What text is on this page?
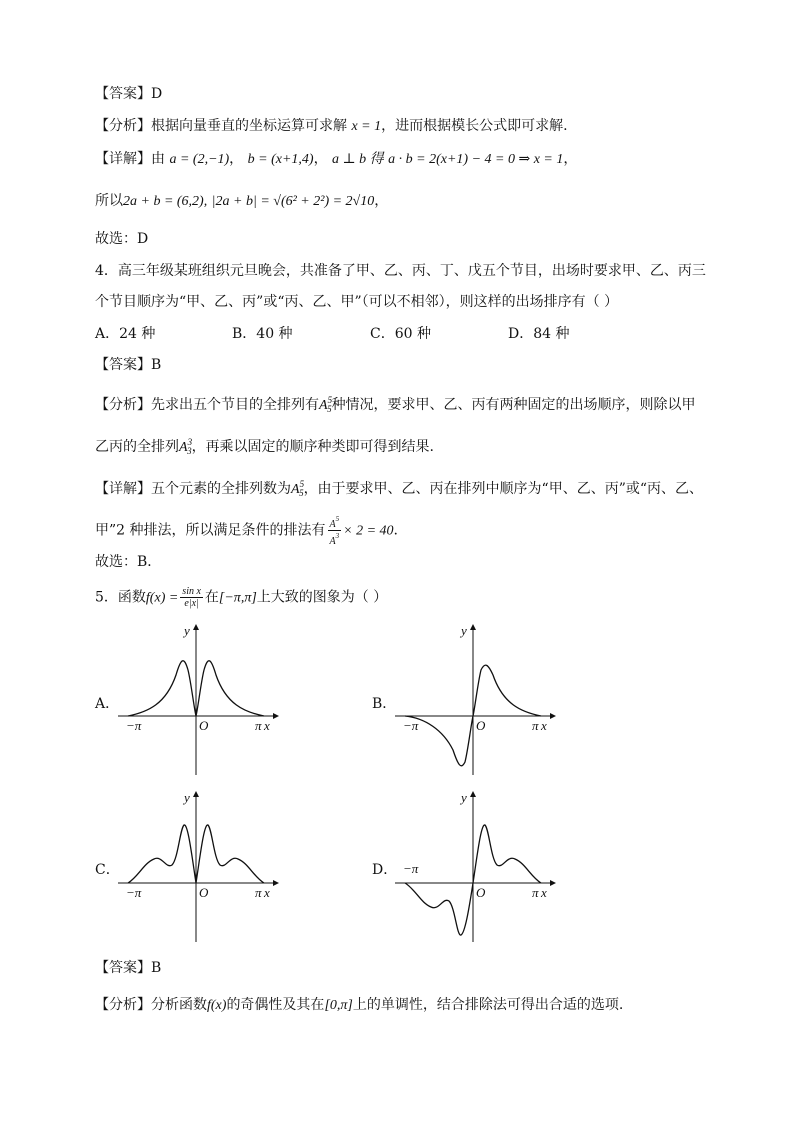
【答案】D
【分析】根据向量垂直的坐标运算可求解 x = 1，进而根据模长公式即可求解.
【详解】由 a = (2,−1)， b = (x+1,4)， a ⊥ b 得 a · b = 2(x+1) − 4 = 0 ⇒ x = 1，
所以2a + b = (6,2), |2a + b| = √(6² + 2²) = 2√10，
故选：D
4．高三年级某班组织元旦晚会，共准备了甲、乙、丙、丁、戊五个节目，出场时要求甲、乙、丙三
个节目顺序为“甲、乙、丙”或“丙、乙、甲”（可以不相邻），则这样的出场排序有（ ）
A．24 种	B．40 种	C．60 种	D．84 种
【答案】B
【分析】先求出五个节目的全排列有$A^5_5$种情况，要求甲、乙、丙有两种固定的出场顺序，则除以甲
乙丙的全排列$A^3_3$，再乘以固定的顺序种类即可得到结果.
【详解】五个元素的全排列数为$A^5_5$，由于要求甲、乙、丙在排列中顺序为“甲、乙、丙”或“丙、乙、
甲”2 种排法，所以满足条件的排法有 $\frac{A^5}{A^3} \times 2 = 40$.
故选：B．
5．函数$f(x) = \frac{\text{sin x}}{e|x|}$ 在[−π,π]上大致的图象为（ ）
A．	B．
C．	D．
y
x
O
−π	π
y
x
O
−π	π
y
x
O
−π	π
y
x
O
−π
π
【答案】B
【分析】分析函数f(x)的奇偶性及其在[0,π]上的单调性，结合排除法可得出合适的选项.
